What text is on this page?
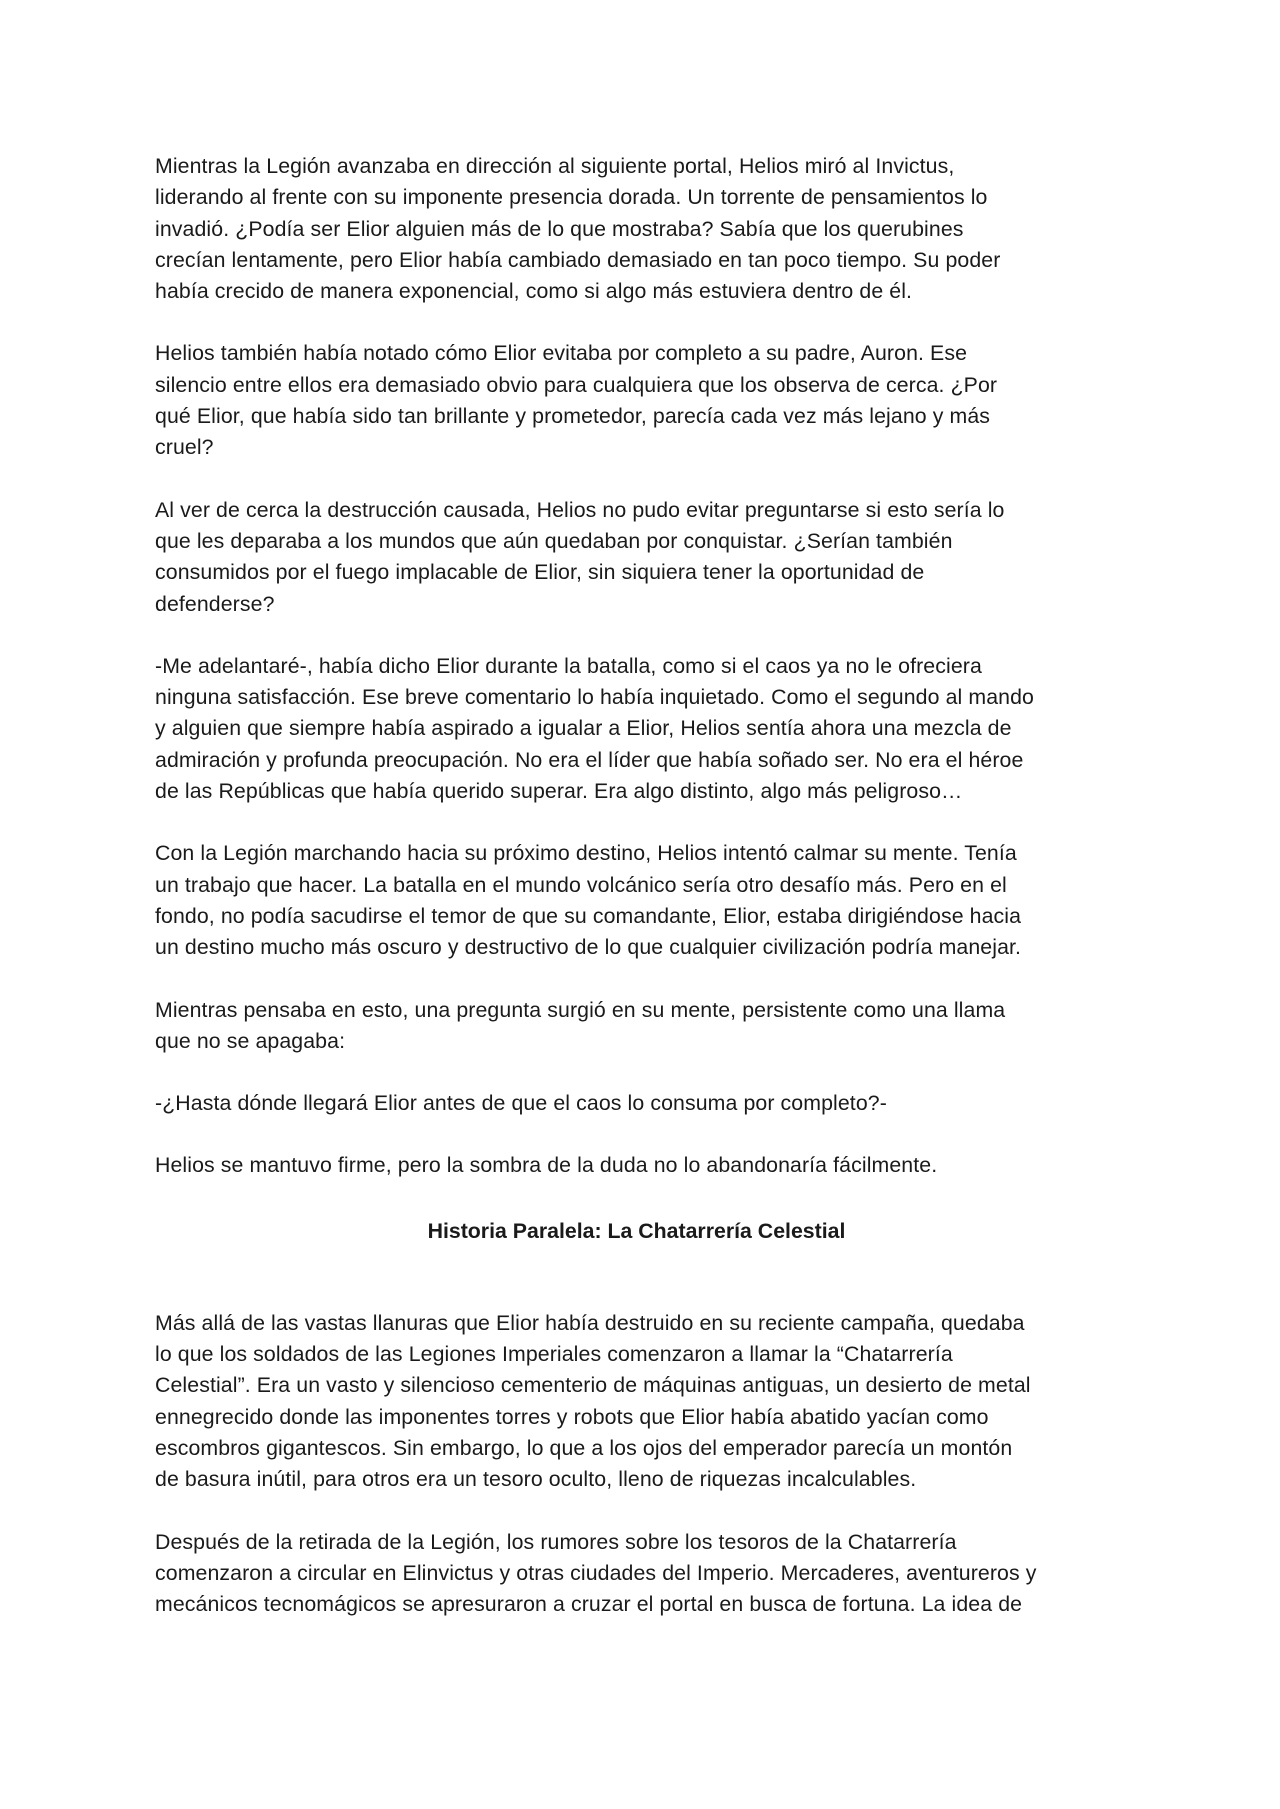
Mientras la Legión avanzaba en dirección al siguiente portal, Helios miró al Invictus,
liderando al frente con su imponente presencia dorada. Un torrente de pensamientos lo
invadió. ¿Podía ser Elior alguien más de lo que mostraba? Sabía que los querubines
crecían lentamente, pero Elior había cambiado demasiado en tan poco tiempo. Su poder
había crecido de manera exponencial, como si algo más estuviera dentro de él.

Helios también había notado cómo Elior evitaba por completo a su padre, Auron. Ese
silencio entre ellos era demasiado obvio para cualquiera que los observa de cerca. ¿Por
qué Elior, que había sido tan brillante y prometedor, parecía cada vez más lejano y más
cruel?

Al ver de cerca la destrucción causada, Helios no pudo evitar preguntarse si esto sería lo
que les deparaba a los mundos que aún quedaban por conquistar. ¿Serían también
consumidos por el fuego implacable de Elior, sin siquiera tener la oportunidad de
defenderse?

-Me adelantaré-, había dicho Elior durante la batalla, como si el caos ya no le ofreciera
ninguna satisfacción. Ese breve comentario lo había inquietado. Como el segundo al mando
y alguien que siempre había aspirado a igualar a Elior, Helios sentía ahora una mezcla de
admiración y profunda preocupación. No era el líder que había soñado ser. No era el héroe
de las Repúblicas que había querido superar. Era algo distinto, algo más peligroso…

Con la Legión marchando hacia su próximo destino, Helios intentó calmar su mente. Tenía
un trabajo que hacer. La batalla en el mundo volcánico sería otro desafío más. Pero en el
fondo, no podía sacudirse el temor de que su comandante, Elior, estaba dirigiéndose hacia
un destino mucho más oscuro y destructivo de lo que cualquier civilización podría manejar.

Mientras pensaba en esto, una pregunta surgió en su mente, persistente como una llama
que no se apagaba:

-¿Hasta dónde llegará Elior antes de que el caos lo consuma por completo?-

Helios se mantuvo firme, pero la sombra de la duda no lo abandonaría fácilmente.

Historia Paralela: La Chatarrería Celestial

Más allá de las vastas llanuras que Elior había destruido en su reciente campaña, quedaba
lo que los soldados de las Legiones Imperiales comenzaron a llamar la “Chatarrería
Celestial”. Era un vasto y silencioso cementerio de máquinas antiguas, un desierto de metal
ennegrecido donde las imponentes torres y robots que Elior había abatido yacían como
escombros gigantescos. Sin embargo, lo que a los ojos del emperador parecía un montón
de basura inútil, para otros era un tesoro oculto, lleno de riquezas incalculables.

Después de la retirada de la Legión, los rumores sobre los tesoros de la Chatarrería
comenzaron a circular en Elinvictus y otras ciudades del Imperio. Mercaderes, aventureros y
mecánicos tecnomágicos se apresuraron a cruzar el portal en busca de fortuna. La idea de
